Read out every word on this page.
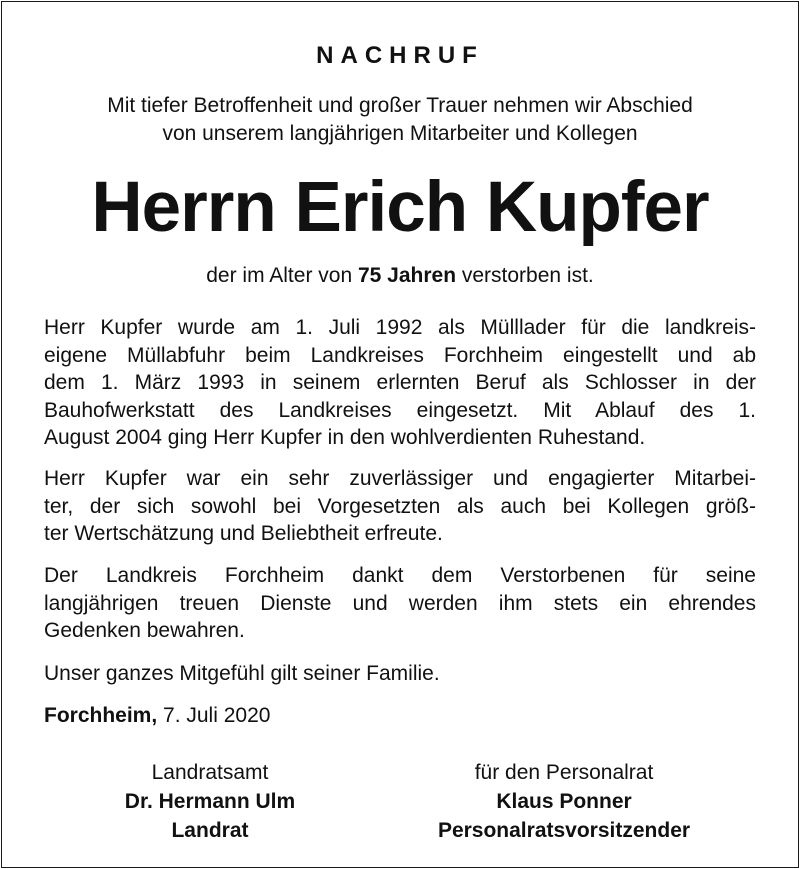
NACHRUF
Mit tiefer Betroffenheit und großer Trauer nehmen wir Abschied
von unserem langjährigen Mitarbeiter und Kollegen
Herrn Erich Kupfer
der im Alter von 75 Jahren verstorben ist.
Herr Kupfer wurde am 1. Juli 1992 als Mülllader für die landkreis-
eigene Müllabfuhr beim Landkreises Forchheim eingestellt und ab
dem 1. März 1993 in seinem erlernten Beruf als Schlosser in der
Bauhofwerkstatt des Landkreises eingesetzt. Mit Ablauf des 1.
August 2004 ging Herr Kupfer in den wohlverdienten Ruhestand.
Herr Kupfer war ein sehr zuverlässiger und engagierter Mitarbei-
ter, der sich sowohl bei Vorgesetzten als auch bei Kollegen größ-
ter Wertschätzung und Beliebtheit erfreute.
Der Landkreis Forchheim dankt dem Verstorbenen für seine
langjährigen treuen Dienste und werden ihm stets ein ehrendes
Gedenken bewahren.
Unser ganzes Mitgefühl gilt seiner Familie.
Forchheim, 7. Juli 2020
Landratsamt
Dr. Hermann Ulm
Landrat
für den Personalrat
Klaus Ponner
Personalratsvorsitzender
